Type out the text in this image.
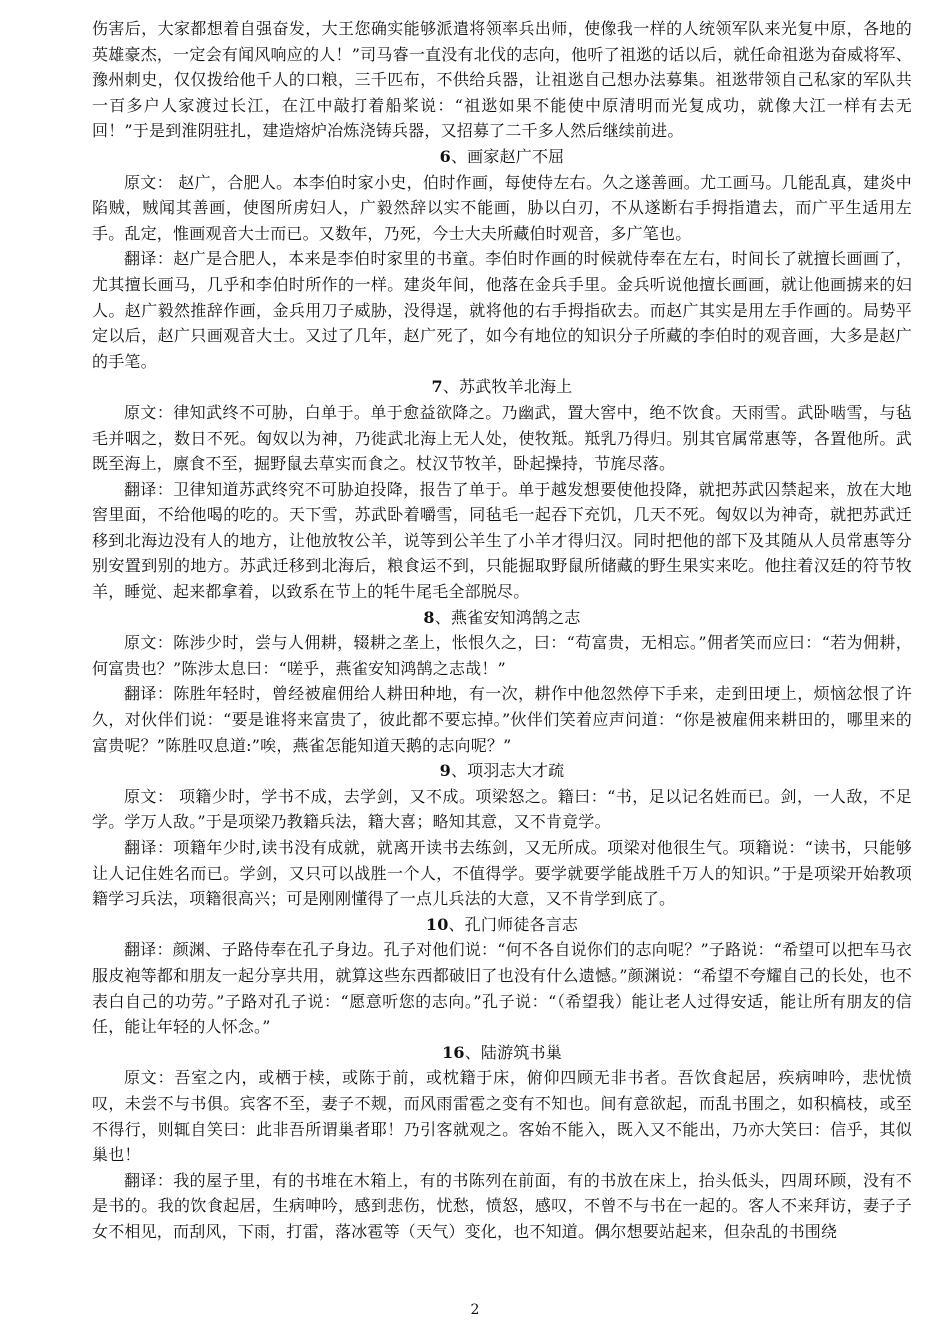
伤害后，大家都想着自强奋发，大王您确实能够派遣将领率兵出师，使像我一样的人统领军队来光复中原，各地的英雄豪杰，一定会有闻风响应的人！”司马睿一直没有北伐的志向，他听了祖逖的话以后，就任命祖逖为奋威将军、豫州刺史，仅仅拨给他千人的口粮，三千匹布，不供给兵器，让祖逖自己想办法募集。祖逖带领自己私家的军队共一百多户人家渡过长江，在江中敲打着船桨说：“祖逖如果不能使中原清明而光复成功，就像大江一样有去无回！”于是到淮阴驻扎，建造熔炉冶炼浇铸兵器，又招募了二千多人然后继续前进。

6、画家赵广不屈

原文： 赵广，合肥人。本李伯时家小史，伯时作画，每使侍左右。久之遂善画。尤工画马。几能乱真，建炎中陷贼，贼闻其善画，使图所虏妇人，广毅然辞以实不能画，胁以白刃，不从遂断右手拇指遣去，而广平生适用左手。乱定，惟画观音大士而已。又数年，乃死，今士大夫所藏伯时观音，多广笔也。

翻译：赵广是合肥人，本来是李伯时家里的书童。李伯时作画的时候就侍奉在左右，时间长了就擅长画画了，尤其擅长画马，几乎和李伯时所作的一样。建炎年间，他落在金兵手里。金兵听说他擅长画画，就让他画掳来的妇人。赵广毅然推辞作画，金兵用刀子威胁，没得逞，就将他的右手拇指砍去。而赵广其实是用左手作画的。局势平定以后，赵广只画观音大士。又过了几年，赵广死了，如今有地位的知识分子所藏的李伯时的观音画，大多是赵广的手笔。

7、苏武牧羊北海上

原文：律知武终不可胁，白单于。单于愈益欲降之。乃幽武，置大窖中，绝不饮食。天雨雪。武卧啮雪，与毡毛并咽之，数日不死。匈奴以为神，乃徙武北海上无人处，使牧羝。羝乳乃得归。别其官属常惠等，各置他所。武既至海上，廪食不至，掘野鼠去草实而食之。杖汉节牧羊，卧起操持，节旄尽落。

翻译：卫律知道苏武终究不可胁迫投降，报告了单于。单于越发想要使他投降，就把苏武囚禁起来，放在大地窖里面，不给他喝的吃的。天下雪，苏武卧着嚼雪，同毡毛一起吞下充饥，几天不死。匈奴以为神奇，就把苏武迁移到北海边没有人的地方，让他放牧公羊，说等到公羊生了小羊才得归汉。同时把他的部下及其随从人员常惠等分别安置到别的地方。苏武迁移到北海后，粮食运不到，只能掘取野鼠所储藏的野生果实来吃。他拄着汉廷的符节牧羊，睡觉、起来都拿着，以致系在节上的牦牛尾毛全部脱尽。

8、燕雀安知鸿鹄之志

原文：陈涉少时，尝与人佣耕，辍耕之垄上，怅恨久之，曰：“苟富贵，无相忘。”佣者笑而应曰：“若为佣耕，何富贵也？”陈涉太息曰：“嗟乎，燕雀安知鸿鹄之志哉！”

翻译：陈胜年轻时，曾经被雇佣给人耕田种地，有一次，耕作中他忽然停下手来，走到田埂上，烦恼忿恨了许久，对伙伴们说：“要是谁将来富贵了，彼此都不要忘掉。”伙伴们笑着应声问道：“你是被雇佣来耕田的，哪里来的富贵呢？”陈胜叹息道:”唉，燕雀怎能知道天鹅的志向呢？”

9、项羽志大才疏

原文： 项籍少时，学书不成，去学剑，又不成。项梁怒之。籍曰：“书，足以记名姓而已。剑，一人敌，不足学。学万人敌。”于是项梁乃教籍兵法，籍大喜；略知其意，又不肯竟学。

翻译：项籍年少时,读书没有成就，就离开读书去练剑，又无所成。项梁对他很生气。项籍说：“读书，只能够让人记住姓名而已。学剑，又只可以战胜一个人，不值得学。要学就要学能战胜千万人的知识。”于是项梁开始教项籍学习兵法，项籍很高兴；可是刚刚懂得了一点儿兵法的大意，又不肯学到底了。

10、孔门师徒各言志

翻译：颜渊、子路侍奉在孔子身边。孔子对他们说：“何不各自说你们的志向呢？”子路说：“希望可以把车马衣服皮袍等都和朋友一起分享共用，就算这些东西都破旧了也没有什么遗憾。”颜渊说：“希望不夸耀自己的长处，也不表白自己的功劳。”子路对孔子说：“愿意听您的志向。”孔子说：“（希望我）能让老人过得安适，能让所有朋友的信任，能让年轻的人怀念。”

16、陆游筑书巢

原文：吾室之内，或栖于椟，或陈于前，或枕籍于床，俯仰四顾无非书者。吾饮食起居，疾病呻吟，悲忧愤叹，未尝不与书俱。宾客不至，妻子不觌，而风雨雷雹之变有不知也。间有意欲起，而乱书围之，如积槁枝，或至不得行，则辄自笑曰：此非吾所谓巢者耶！乃引客就观之。客始不能入，既入又不能出，乃亦大笑曰：信乎，其似巢也！

翻译：我的屋子里，有的书堆在木箱上，有的书陈列在前面，有的书放在床上，抬头低头，四周环顾，没有不是书的。我的饮食起居，生病呻吟，感到悲伤，忧愁，愤怒，感叹，不曾不与书在一起的。客人不来拜访，妻子子女不相见，而刮风，下雨，打雷，落冰雹等（天气）变化，也不知道。偶尔想要站起来，但杂乱的书围绕

2
